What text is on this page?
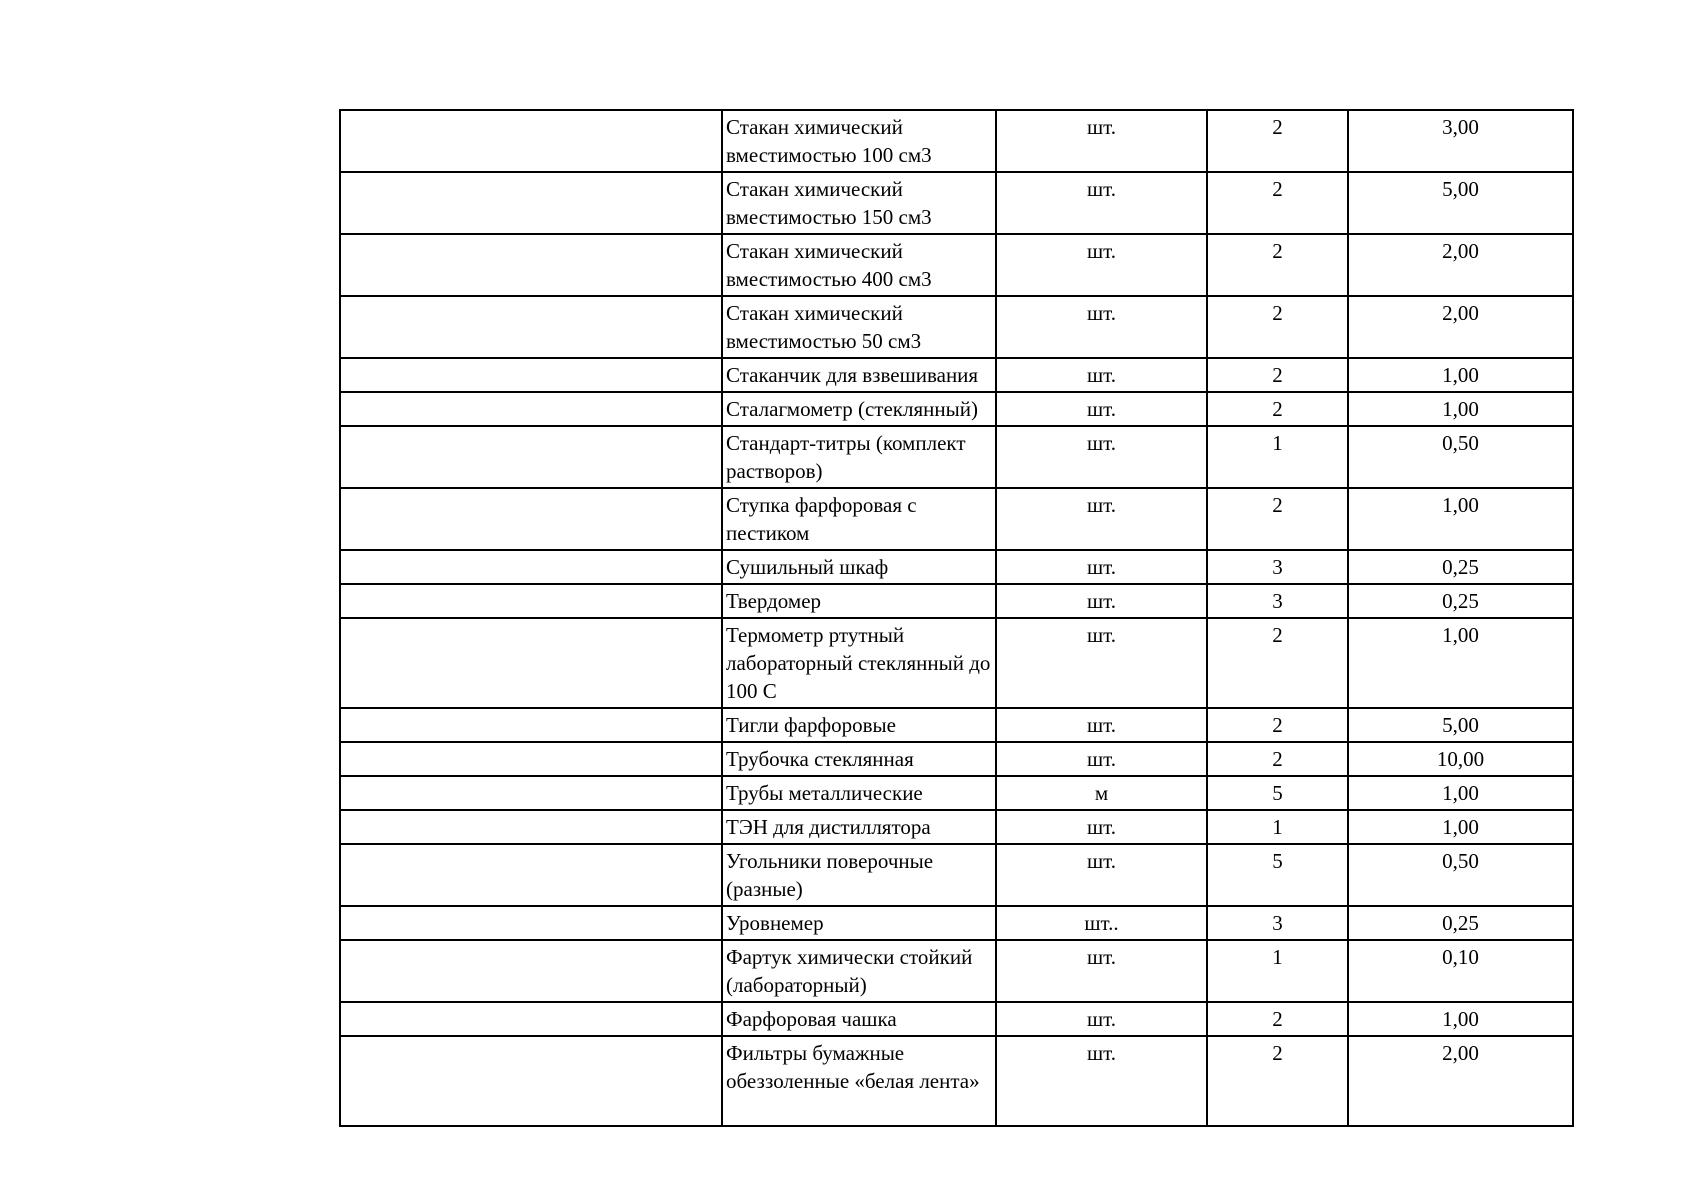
	Стакан химический вместимостью 100 см3	шт.	2	3,00
	Стакан химический вместимостью 150 см3	шт.	2	5,00
	Стакан химический вместимостью 400 см3	шт.	2	2,00
	Стакан химический вместимостью 50 см3	шт.	2	2,00
	Стаканчик для взвешивания	шт.	2	1,00
	Сталагмометр (стеклянный)	шт.	2	1,00
	Стандарт-титры (комплект растворов)	шт.	1	0,50
	Ступка фарфоровая с пестиком	шт.	2	1,00
	Сушильный шкаф	шт.	3	0,25
	Твердомер	шт.	3	0,25
	Термометр ртутный лабораторный стеклянный до 100 С	шт.	2	1,00
	Тигли фарфоровые	шт.	2	5,00
	Трубочка стеклянная	шт.	2	10,00
	Трубы металлические	м	5	1,00
	ТЭН для дистиллятора	шт.	1	1,00
	Угольники поверочные (разные)	шт.	5	0,50
	Уровнемер	шт..	3	0,25
	Фартук химически стойкий (лабораторный)	шт.	1	0,10
	Фарфоровая чашка	шт.	2	1,00
	Фильтры бумажные обеззоленные «белая лента»	шт.	2	2,00
